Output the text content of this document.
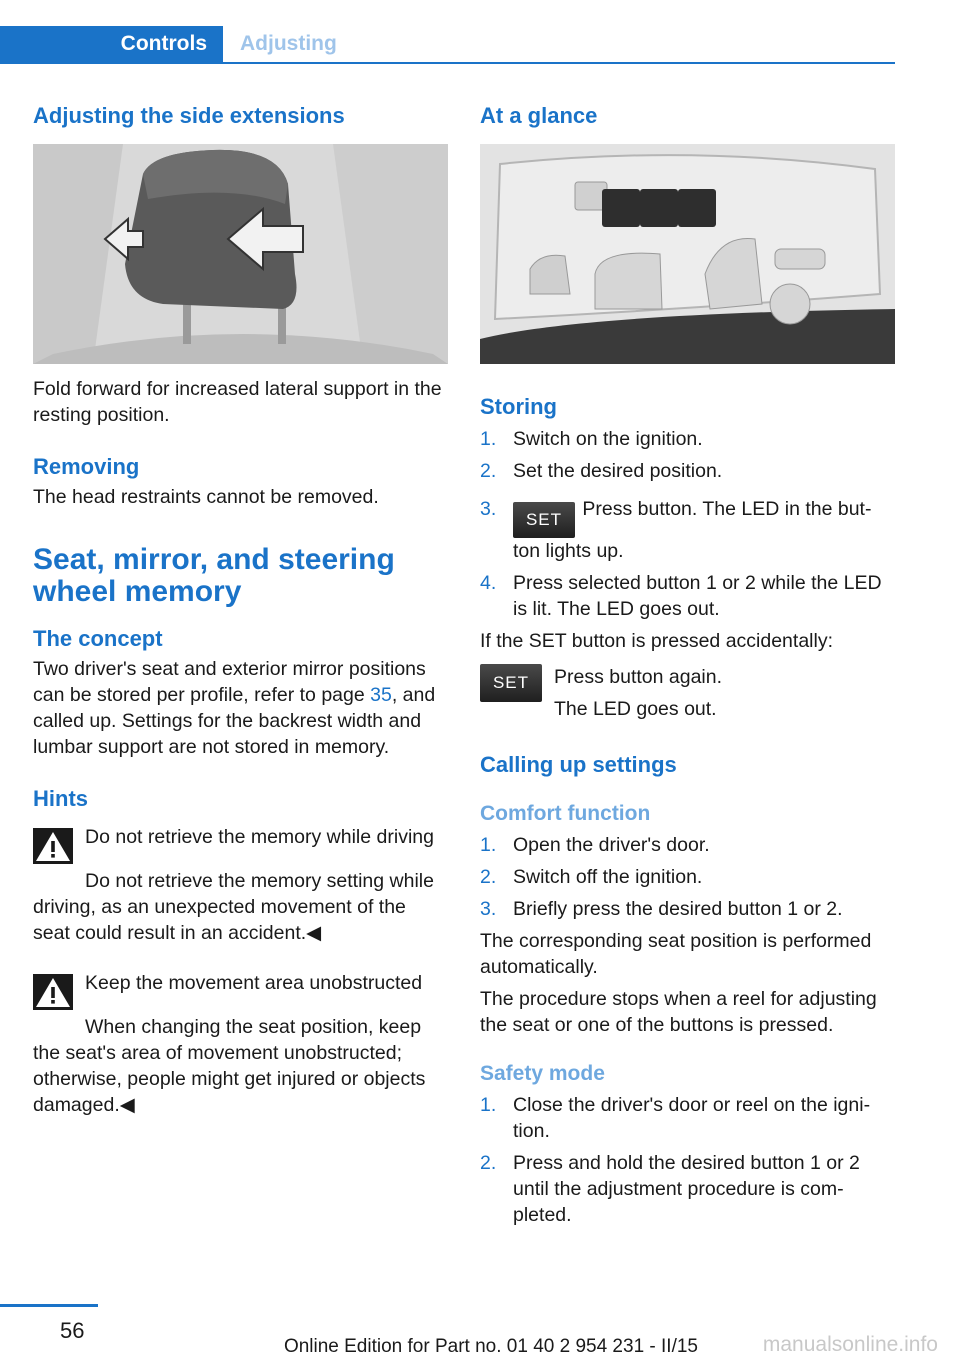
Controls	Adjusting
Adjusting the side extensions

Fold forward for increased lateral support in the resting position.

Removing

The head restraints cannot be removed.

Seat, mirror, and steering wheel memory
The concept

Two driver's seat and exterior mirror positions can be stored per profile, refer to page 35, and called up. Settings for the backrest width and lumbar support are not stored in memory.

Hints

Do not retrieve the memory while driving

Do not retrieve the memory setting while driving, as an unexpected movement of the seat could result in an accident.◀

Keep the movement area unobstructed

When changing the seat position, keep the seat's area of movement unobstructed; otherwise, people might get injured or objects damaged.◀

At a glance
Storing
1. Switch on the ignition.
2. Set the desired position.
3.	SET Press button. The LED in the but‐ton lights up.
4. Press selected button 1 or 2 while the LED is lit. The LED goes out.

If the SET button is pressed accidentally:

SET	Press button again.

The LED goes out.

Calling up settings
Comfort function
1. Open the driver's door.
2. Switch off the ignition.
3. Briefly press the desired button 1 or 2.

The corresponding seat position is performed automatically.

The procedure stops when a reel for adjusting the seat or one of the buttons is pressed.

Safety mode
1. Close the driver's door or reel on the igni‐tion.
2. Press and hold the desired button 1 or 2 until the adjustment procedure is com‐pleted.
56
Online Edition for Part no. 01 40 2 954 231 - II/15	manualsonline.info
